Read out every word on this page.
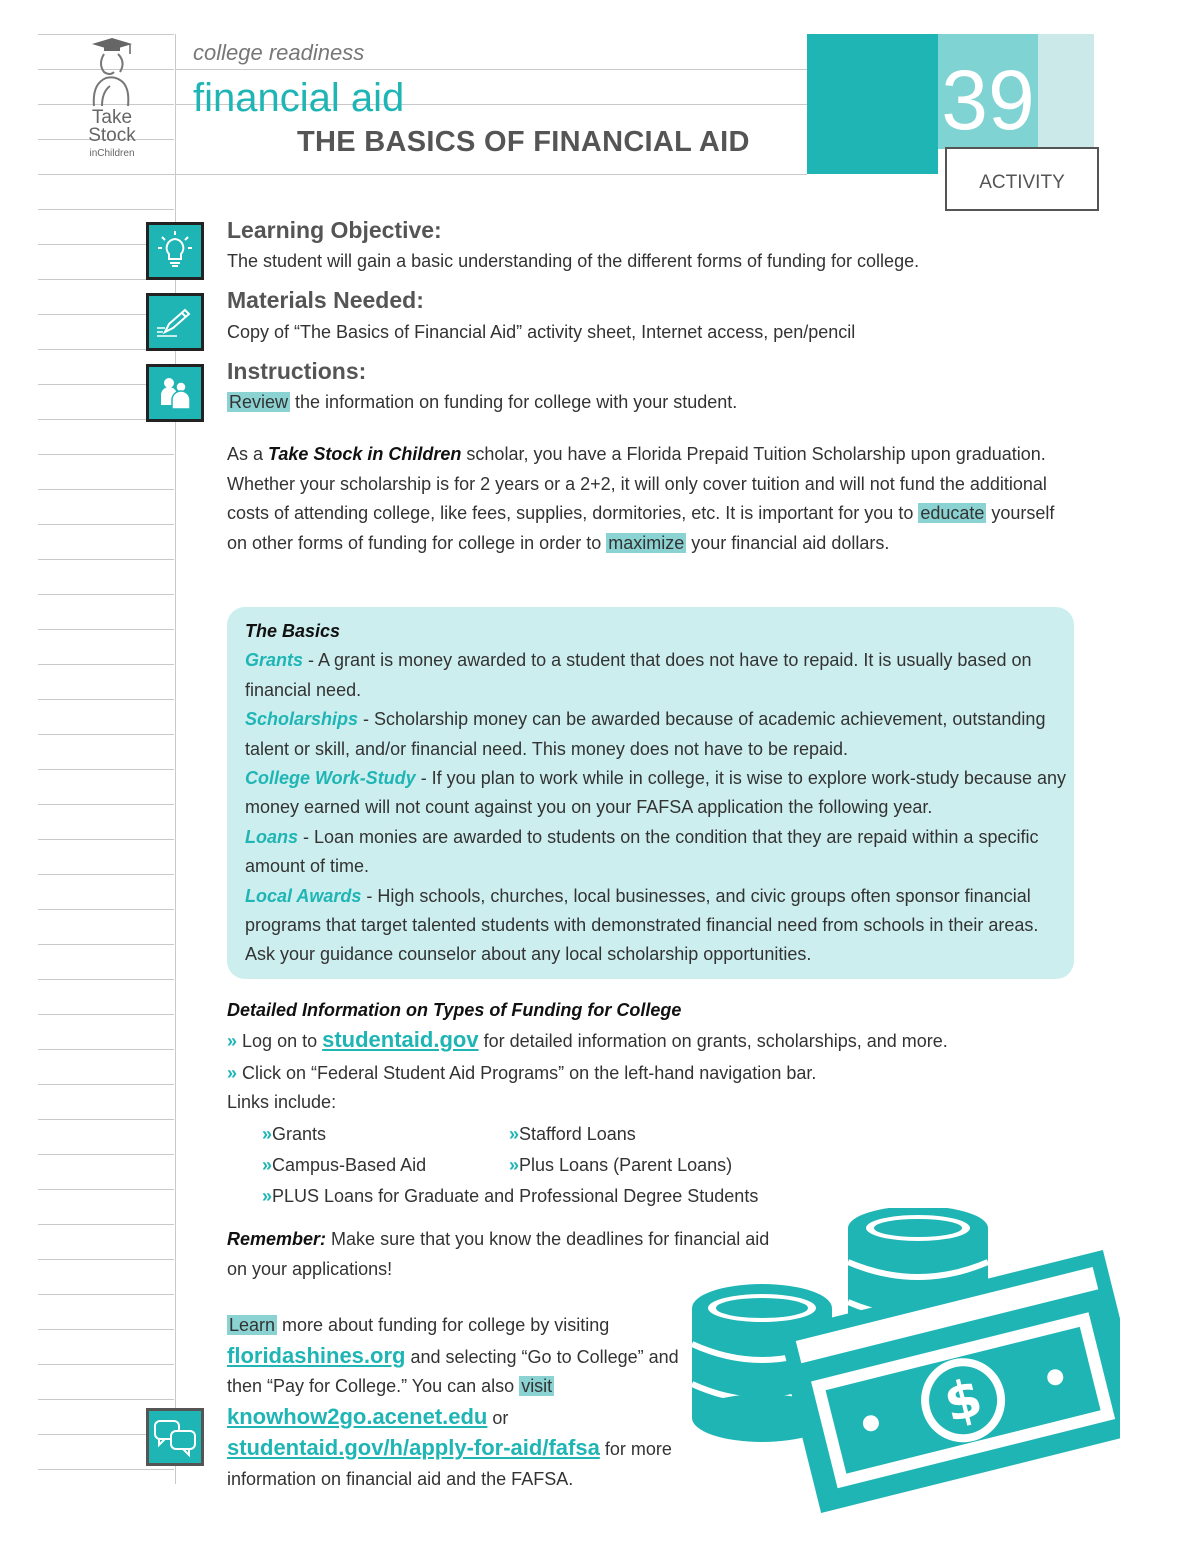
Take
Stock
inChildren
college readiness
financial aid
THE BASICS OF FINANCIAL AID 39
ACTIVITY
Learning Objective:
The student will gain a basic understanding of the different forms of funding for college.
Materials Needed:
Copy of “The Basics of Financial Aid” activity sheet, Internet access, pen/pencil
Instructions:
Review the information on funding for college with your student.
As a Take Stock in Children scholar, you have a Florida Prepaid Tuition Scholarship upon graduation. Whether your scholarship is for 2 years or a 2+2, it will only cover tuition and will not fund the additional costs of attending college, like fees, supplies, dormitories, etc. It is important for you to educate yourself on other forms of funding for college in order to maximize your financial aid dollars.
The Basics
Grants - A grant is money awarded to a student that does not have to repaid. It is usually based on financial need.
Scholarships - Scholarship money can be awarded because of academic achievement, outstanding talent or skill, and/or financial need. This money does not have to be repaid.
College Work-Study - If you plan to work while in college, it is wise to explore work-study because any money earned will not count against you on your FAFSA application the following year.
Loans - Loan monies are awarded to students on the condition that they are repaid within a specific amount of time.
Local Awards - High schools, churches, local businesses, and civic groups often sponsor financial programs that target talented students with demonstrated financial need from schools in their areas. Ask your guidance counselor about any local scholarship opportunities.
Detailed Information on Types of Funding for College
» Log on to studentaid.gov for detailed information on grants, scholarships, and more.
» Click on “Federal Student Aid Programs” on the left-hand navigation bar.
Links include:
»Grants	»Stafford Loans
»Campus-Based Aid	»Plus Loans (Parent Loans)
»PLUS Loans for Graduate and Professional Degree Students
Remember: Make sure that you know the deadlines for financial aid on your applications!
Learn more about funding for college by visiting
floridashines.org and selecting “Go to College” and then “Pay for College.” You can also visit
knowhow2go.acenet.edu or
studentaid.gov/h/apply-for-aid/fafsa for more information on financial aid and the FAFSA.
$
